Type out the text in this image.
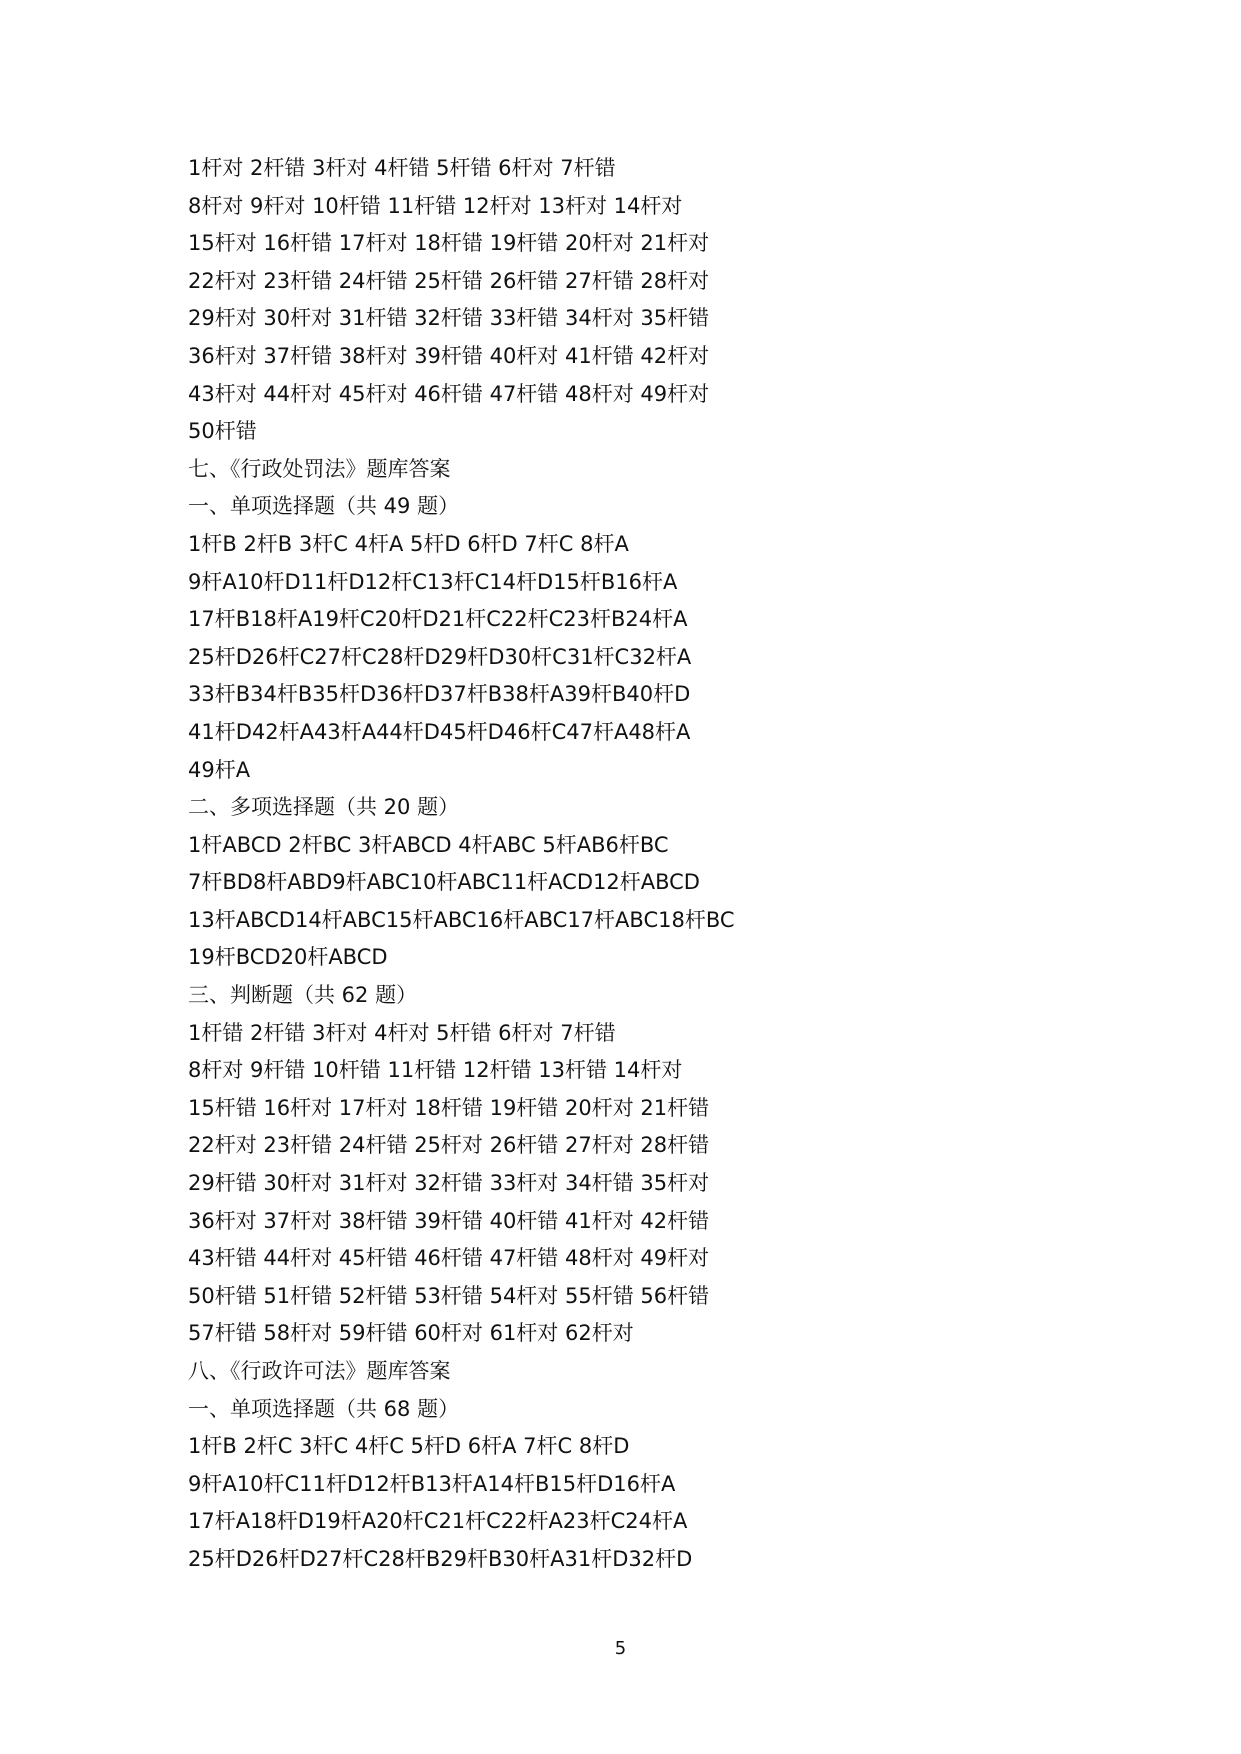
1杆对 2杆错 3杆对 4杆错 5杆错 6杆对 7杆错
8杆对 9杆对 10杆错 11杆错 12杆对 13杆对 14杆对
15杆对 16杆错 17杆对 18杆错 19杆错 20杆对 21杆对
22杆对 23杆错 24杆错 25杆错 26杆错 27杆错 28杆对
29杆对 30杆对 31杆错 32杆错 33杆错 34杆对 35杆错
36杆对 37杆错 38杆对 39杆错 40杆对 41杆错 42杆对
43杆对 44杆对 45杆对 46杆错 47杆错 48杆对 49杆对
50杆错
七、《行政处罚法》题库答案
一、单项选择题（共 49 题）
1杆B 2杆B 3杆C 4杆A 5杆D 6杆D 7杆C 8杆A
9杆A10杆D11杆D12杆C13杆C14杆D15杆B16杆A
17杆B18杆A19杆C20杆D21杆C22杆C23杆B24杆A
25杆D26杆C27杆C28杆D29杆D30杆C31杆C32杆A
33杆B34杆B35杆D36杆D37杆B38杆A39杆B40杆D
41杆D42杆A43杆A44杆D45杆D46杆C47杆A48杆A
49杆A
二、多项选择题（共 20 题）
1杆ABCD 2杆BC 3杆ABCD 4杆ABC 5杆AB6杆BC
7杆BD8杆ABD9杆ABC10杆ABC11杆ACD12杆ABCD
13杆ABCD14杆ABC15杆ABC16杆ABC17杆ABC18杆BC
19杆BCD20杆ABCD
三、判断题（共 62 题）
1杆错 2杆错 3杆对 4杆对 5杆错 6杆对 7杆错
8杆对 9杆错 10杆错 11杆错 12杆错 13杆错 14杆对
15杆错 16杆对 17杆对 18杆错 19杆错 20杆对 21杆错
22杆对 23杆错 24杆错 25杆对 26杆错 27杆对 28杆错
29杆错 30杆对 31杆对 32杆错 33杆对 34杆错 35杆对
36杆对 37杆对 38杆错 39杆错 40杆错 41杆对 42杆错
43杆错 44杆对 45杆错 46杆错 47杆错 48杆对 49杆对
50杆错 51杆错 52杆错 53杆错 54杆对 55杆错 56杆错
57杆错 58杆对 59杆错 60杆对 61杆对 62杆对
八、《行政许可法》题库答案
一、单项选择题（共 68 题）
1杆B 2杆C 3杆C 4杆C 5杆D 6杆A 7杆C 8杆D
9杆A10杆C11杆D12杆B13杆A14杆B15杆D16杆A
17杆A18杆D19杆A20杆C21杆C22杆A23杆C24杆A
25杆D26杆D27杆C28杆B29杆B30杆A31杆D32杆D
5
